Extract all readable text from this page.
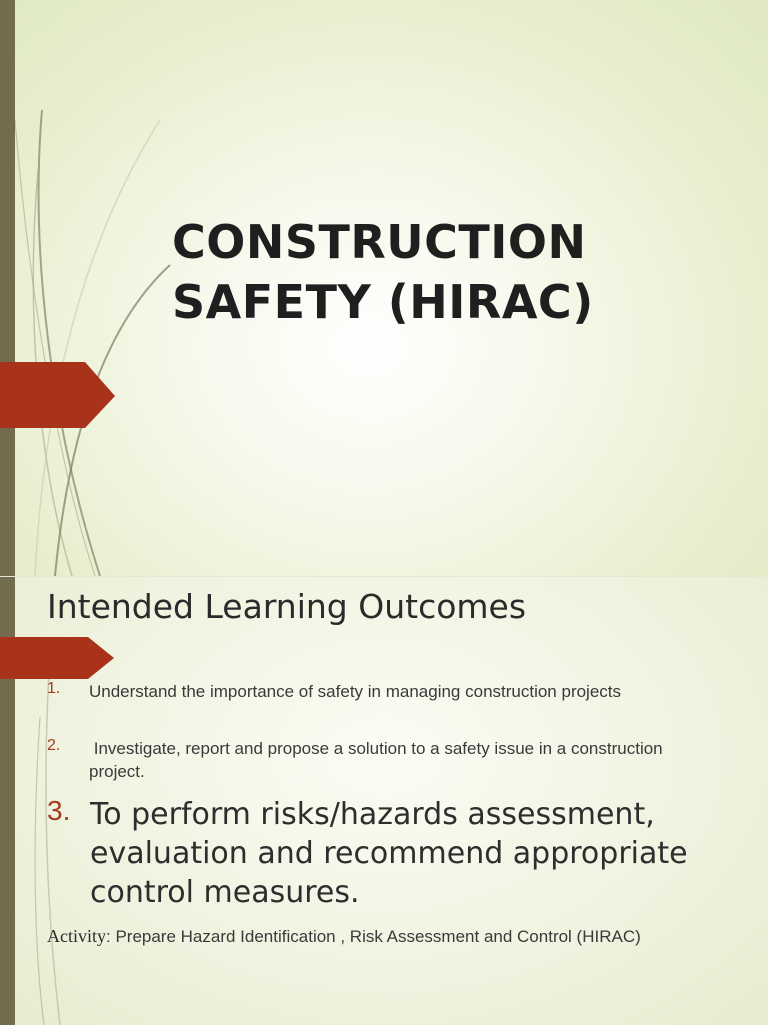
CONSTRUCTION
SAFETY (HIRAC)
Intended Learning Outcomes
1. Understand the importance of safety in managing construction projects
2. Investigate, report and propose a solution to a safety issue in a construction project.
3. To perform risks/hazards assessment, evaluation and recommend appropriate control measures.
Activity: Prepare Hazard Identification , Risk Assessment and Control (HIRAC)
